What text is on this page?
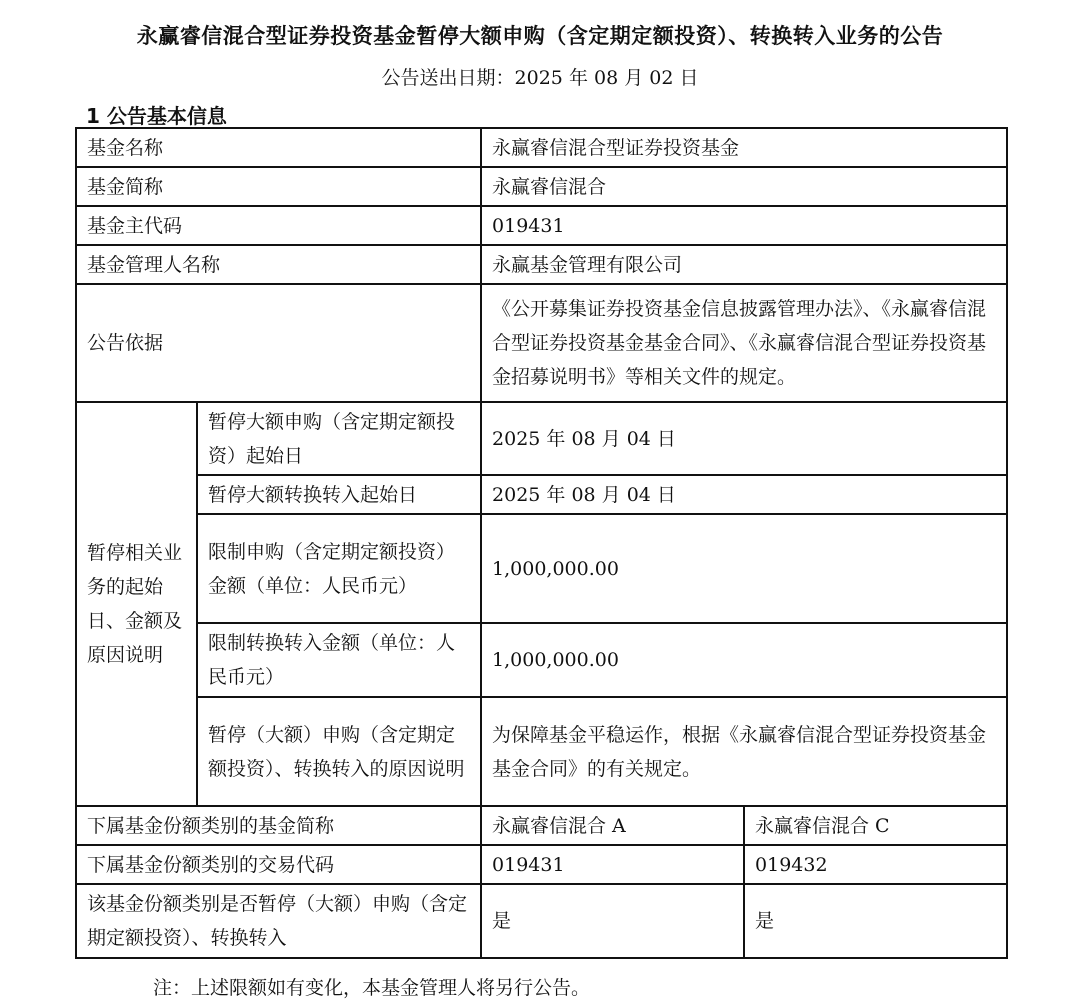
永赢睿信混合型证券投资基金暂停大额申购（含定期定额投资）、转换转入业务的公告
公告送出日期：2025 年 08 月 02 日
1 公告基本信息
基金名称		永赢睿信混合型证券投资基金	
基金简称		永赢睿信混合	
基金主代码		019431	
基金管理人名称		永赢基金管理有限公司	
公告依据		《公开募集证券投资基金信息披露管理办法》、《永赢睿信混合型证券投资基金基金合同》、《永赢睿信混合型证券投资基金招募说明书》等相关文件的规定。	
暂停相关业务的起始日、金额及原因说明	暂停大额申购（含定期定额投资）起始日	2025 年 08 月 04 日	
	暂停大额转换转入起始日	2025 年 08 月 04 日	
	限制申购（含定期定额投资）金额（单位：人民币元）	1,000,000.00	
	限制转换转入金额（单位：人民币元）	1,000,000.00	
	暂停（大额）申购（含定期定额投资）、转换转入的原因说明	为保障基金平稳运作，根据《永赢睿信混合型证券投资基金基金合同》的有关规定。	
下属基金份额类别的基金简称		永赢睿信混合 A	永赢睿信混合 C
下属基金份额类别的交易代码		019431	019432
该基金份额类别是否暂停（大额）申购（含定期定额投资）、转换转入		是	是
注：上述限额如有变化，本基金管理人将另行公告。
